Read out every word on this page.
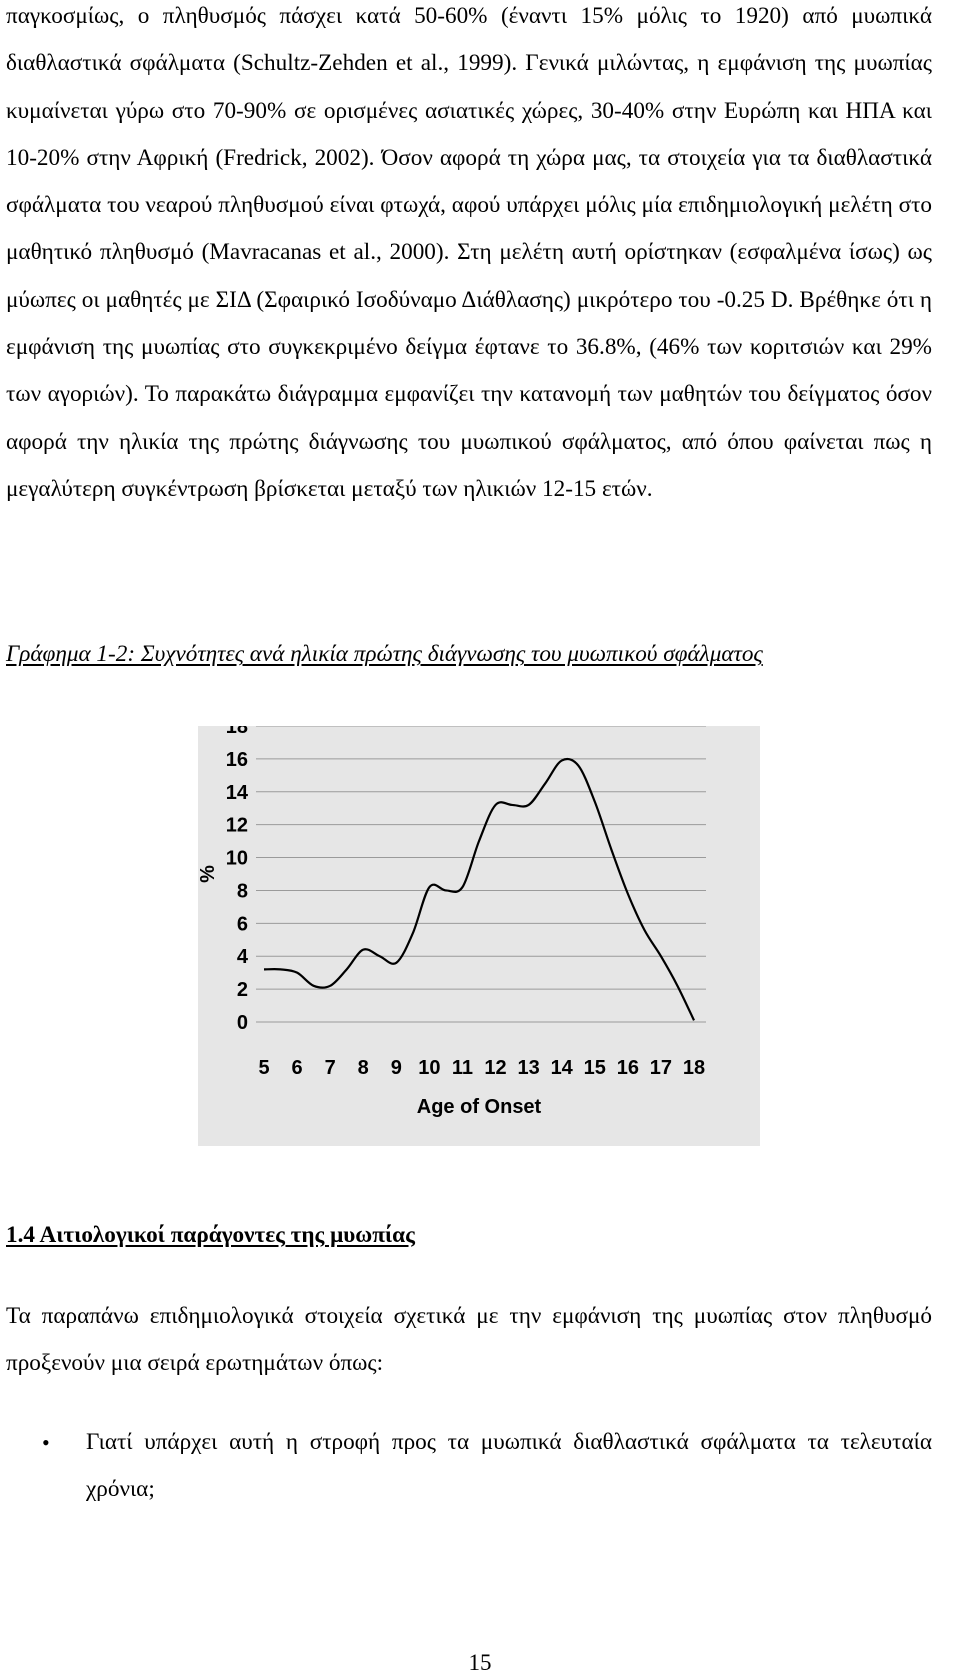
παγκοσμίως, ο πληθυσμός πάσχει κατά 50-60% (έναντι 15% μόλις το 1920) από μυωπικά διαθλαστικά σφάλματα (Schultz-Zehden et al., 1999). Γενικά μιλώντας, η εμφάνιση της μυωπίας κυμαίνεται γύρω στο 70-90% σε ορισμένες ασιατικές χώρες, 30-40% στην Ευρώπη και ΗΠΑ και 10-20% στην Αφρική (Fredrick, 2002). Όσον αφορά τη χώρα μας, τα στοιχεία για τα διαθλαστικά σφάλματα του νεαρού πληθυσμού είναι φτωχά, αφού υπάρχει μόλις μία επιδημιολογική μελέτη στο μαθητικό πληθυσμό (Mavracanas et al., 2000). Στη μελέτη αυτή ορίστηκαν (εσφαλμένα ίσως) ως μύωπες οι μαθητές με ΣΙΔ (Σφαιρικό Ισοδύναμο Διάθλασης) μικρότερο του -0.25 D. Βρέθηκε ότι η εμφάνιση της μυωπίας στο συγκεκριμένο δείγμα έφτανε το 36.8%, (46% των κοριτσιών και 29% των αγοριών). Το παρακάτω διάγραμμα εμφανίζει την κατανομή των μαθητών του δείγματος όσον αφορά την ηλικία της πρώτης διάγνωσης του μυωπικού σφάλματος, από όπου φαίνεται πως η μεγαλύτερη συγκέντρωση βρίσκεται μεταξύ των ηλικιών 12-15 ετών.

Γράφημα 1-2: Συχνότητες ανά ηλικία πρώτης διάγνωσης του μυωπικού σφάλματος

0
2
4
6
8
10
12
14
16
18
5 6 7 8 9 10 11 12 13 14 15 16 17 18
%
Age of Onset

1.4 Αιτιολογικοί παράγοντες της μυωπίας

Τα παραπάνω επιδημιολογικά στοιχεία σχετικά με την εμφάνιση της μυωπίας στον πληθυσμό προξενούν μια σειρά ερωτημάτων όπως:

• Γιατί υπάρχει αυτή η στροφή προς τα μυωπικά διαθλαστικά σφάλματα τα τελευταία χρόνια;

15
